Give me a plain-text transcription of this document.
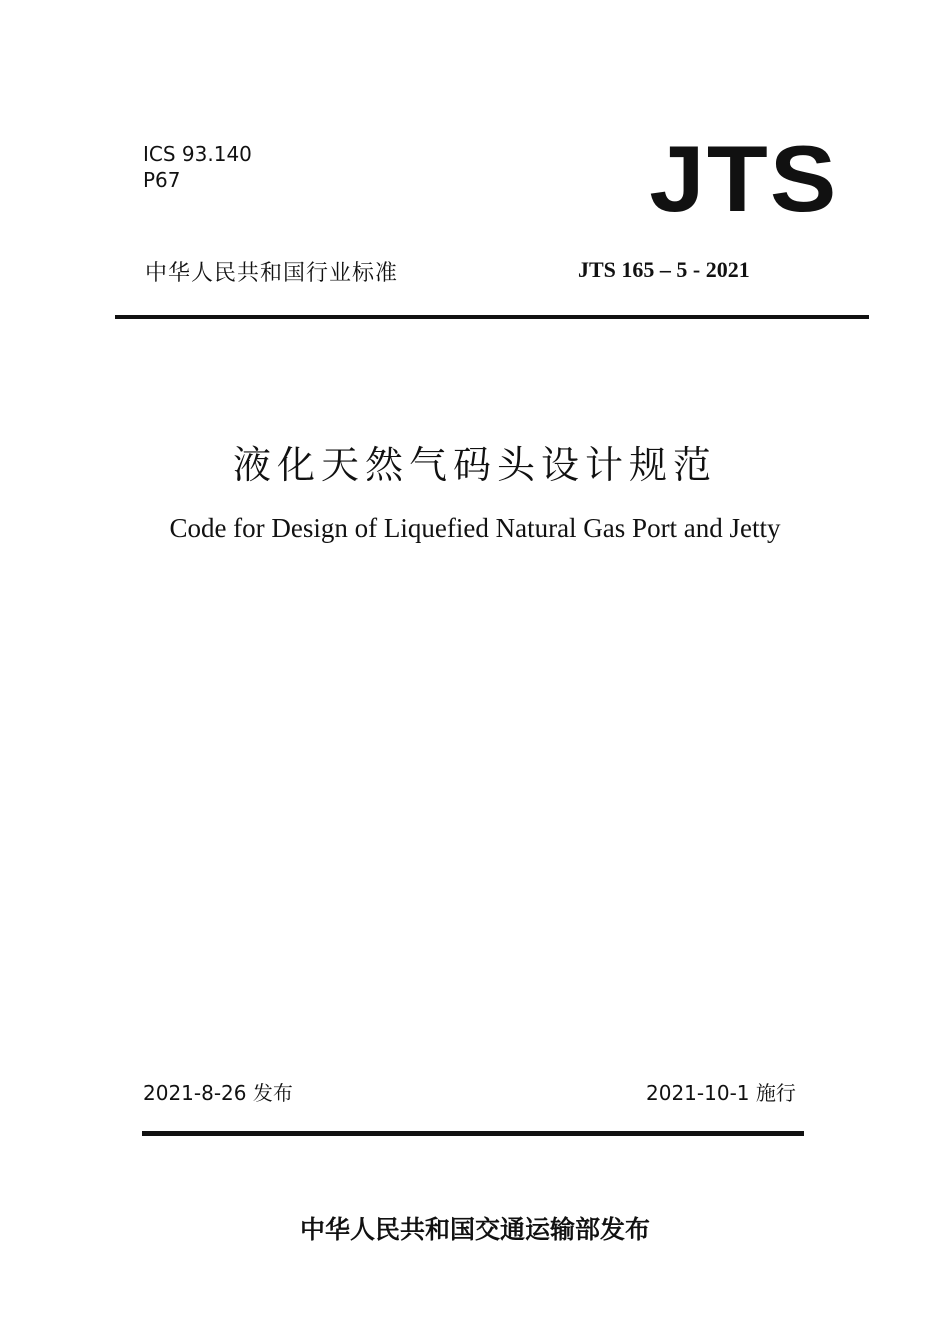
ICS 93.140
P67	JTS
中华人民共和国行业标准	JTS 165 – 5 - 2021
液化天然气码头设计规范
Code for Design of Liquefied Natural Gas Port and Jetty
2021-8-26 发布	2021-10-1 施行
中华人民共和国交通运输部发布
